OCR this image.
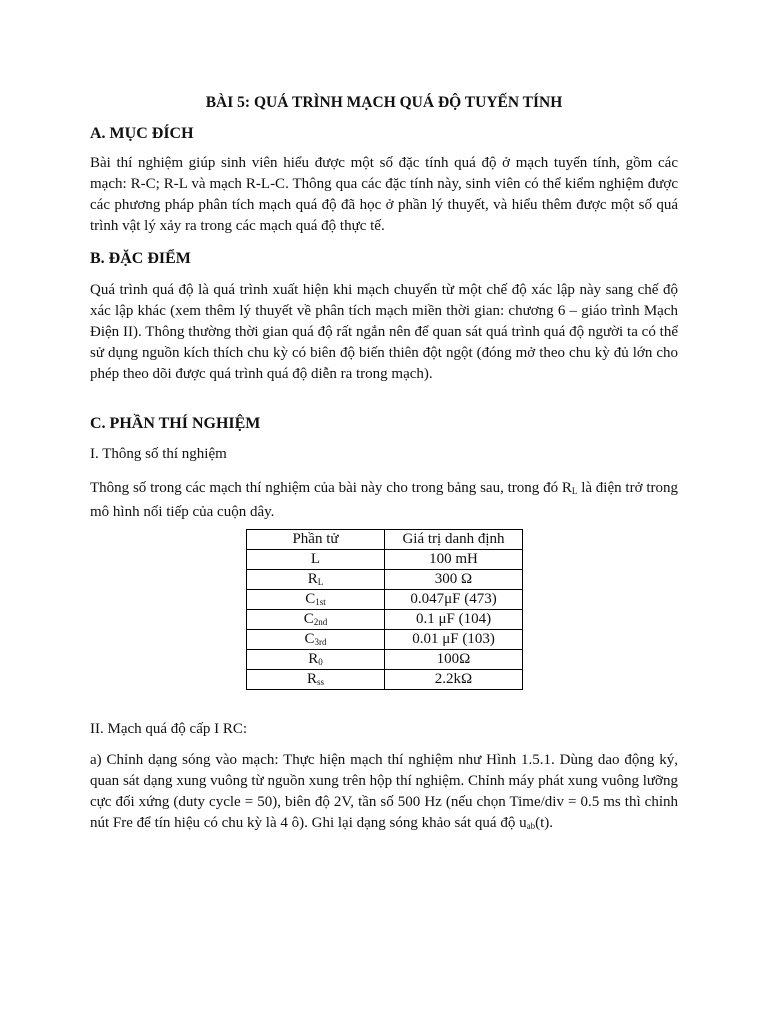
BÀI 5: QUÁ TRÌNH MẠCH QUÁ ĐỘ TUYẾN TÍNH
A. MỤC ĐÍCH
Bài thí nghiệm giúp sinh viên hiểu được một số đặc tính quá độ ở mạch tuyến tính, gồm các mạch: R-C; R-L và mạch R-L-C. Thông qua các đặc tính này, sinh viên có thể kiểm nghiệm được các phương pháp phân tích mạch quá độ đã học ở phần lý thuyết, và hiểu thêm được một số quá trình vật lý xảy ra trong các mạch quá độ thực tế.
B. ĐẶC ĐIỂM
Quá trình quá độ là quá trình xuất hiện khi mạch chuyển từ một chế độ xác lập này sang chế độ xác lập khác (xem thêm lý thuyết về phân tích mạch miền thời gian: chương 6 – giáo trình Mạch Điện II). Thông thường thời gian quá độ rất ngắn nên để quan sát quá trình quá độ người ta có thể sử dụng nguồn kích thích chu kỳ có biên độ biến thiên đột ngột (đóng mở theo chu kỳ đủ lớn cho phép theo dõi được quá trình quá độ diễn ra trong mạch).
C. PHẦN THÍ NGHIỆM
I. Thông số thí nghiệm
Thông số trong các mạch thí nghiệm của bài này cho trong bảng sau, trong đó $R_L$ là điện trở trong mô hình nối tiếp của cuộn dây.
Phần tử	Giá trị danh định
L	100 mH
$R_L$	300 Ω
$C_{1st}$	0.047μF (473)
$C_{2nd}$	0.1 μF (104)
$C_{3rd}$	0.01 μF (103)
$R_0$	100Ω
$R_{ss}$	2.2kΩ
II. Mạch quá độ cấp I RC:
a) Chỉnh dạng sóng vào mạch: Thực hiện mạch thí nghiệm như Hình 1.5.1. Dùng dao động ký, quan sát dạng xung vuông từ nguồn xung trên hộp thí nghiệm. Chỉnh máy phát xung vuông lưỡng cực đối xứng (duty cycle = 50), biên độ 2V, tần số 500 Hz (nếu chọn Time/div = 0.5 ms thì chỉnh nút Fre để tín hiệu có chu kỳ là 4 ô). Ghi lại dạng sóng khảo sát quá độ $u_{ab}(t)$.
